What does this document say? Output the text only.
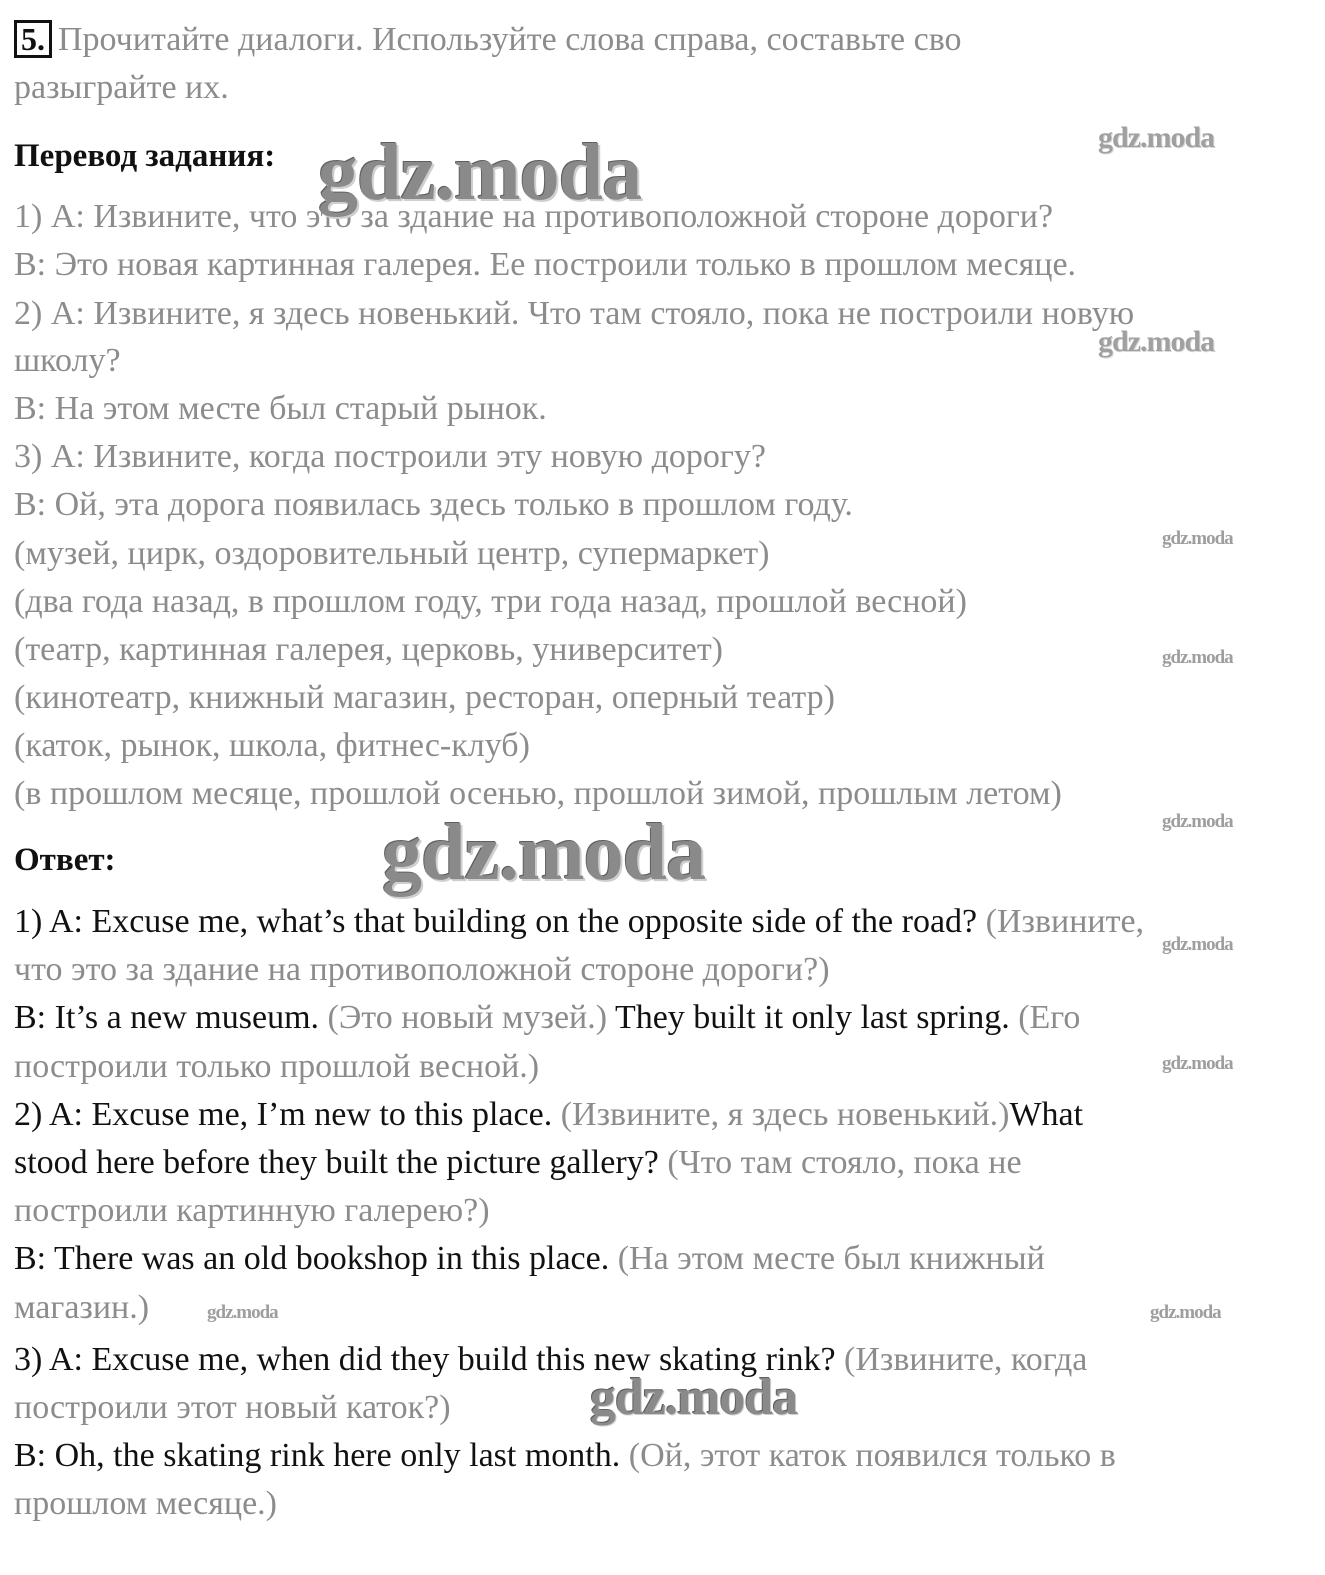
5. Прочитайте диалоги. Используйте слова справа, составьте сво
разыграйте их.
Перевод задания:
1) А: Извините, что это за здание на противоположной стороне дороги?
В: Это новая картинная галерея. Ее построили только в прошлом месяце.
2) А: Извините, я здесь новенький. Что там стояло, пока не построили новую
школу?
В: На этом месте был старый рынок.
3) А: Извините, когда построили эту новую дорогу?
В: Ой, эта дорога появилась здесь только в прошлом году.
(музей, цирк, оздоровительный центр, супермаркет)
(два года назад, в прошлом году, три года назад, прошлой весной)
(театр, картинная галерея, церковь, университет)
(кинотеатр, книжный магазин, ресторан, оперный театр)
(каток, рынок, школа, фитнес-клуб)
(в прошлом месяце, прошлой осенью, прошлой зимой, прошлым летом)
Ответ:
1) A: Excuse me, what’s that building on the opposite side of the road? (Извините,
что это за здание на противоположной стороне дороги?)
B: It’s a new museum. (Это новый музей.) They built it only last spring. (Его
построили только прошлой весной.)
2) A: Excuse me, I’m new to this place. (Извините, я здесь новенький.)What
stood here before they built the picture gallery? (Что там стояло, пока не
построили картинную галерею?)
B: There was an old bookshop in this place. (На этом месте был книжный
магазин.)
3) A: Excuse me, when did they build this new skating rink? (Извините, когда
построили этот новый каток?)
B: Oh, the skating rink here only last month. (Ой, этот каток появился только в
прошлом месяце.)
gdz.moda	gdz.moda
gdz.moda
gdz.moda
gdz.moda
gdz.moda
gdz.moda
gdz.moda
gdz.moda
gdz.moda	gdz.moda
gdz.moda
